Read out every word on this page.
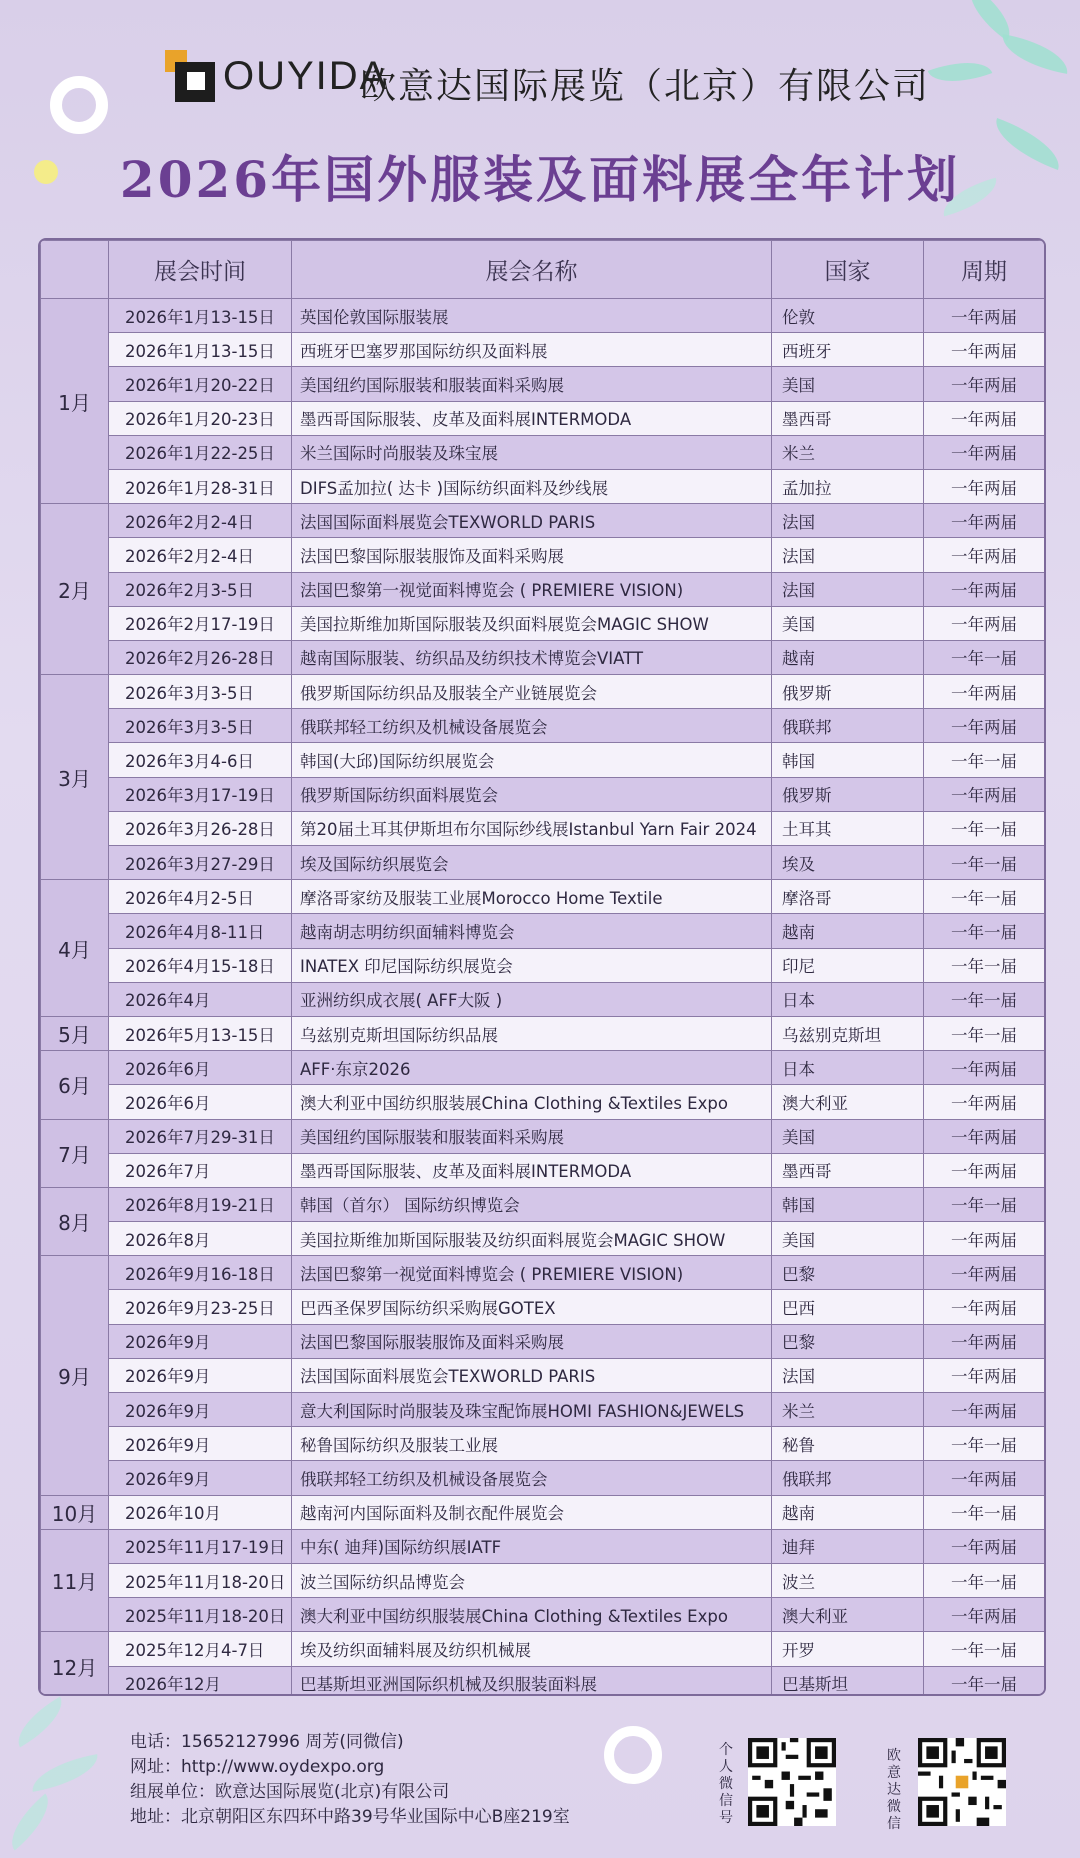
OUYIDA
欧意达国际展览（北京）有限公司
2026年国外服装及面料展全年计划
	展会时间	展会名称	国家	周期
1月	2026年1月13-15日	英国伦敦国际服装展	伦敦	一年两届
	2026年1月13-15日	西班牙巴塞罗那国际纺织及面料展	西班牙	一年两届
	2026年1月20-22日	美国纽约国际服装和服装面料采购展	美国	一年两届
	2026年1月20-23日	墨西哥国际服装、皮革及面料展INTERMODA	墨西哥	一年两届
	2026年1月22-25日	米兰国际时尚服装及珠宝展	米兰	一年两届
	2026年1月28-31日	DIFS孟加拉( 达卡 )国际纺织面料及纱线展	孟加拉	一年两届
2月	2026年2月2-4日	法国国际面料展览会TEXWORLD PARIS	法国	一年两届
	2026年2月2-4日	法国巴黎国际服装服饰及面料采购展	法国	一年两届
	2026年2月3-5日	法国巴黎第一视觉面料博览会 ( PREMIERE VISION)	法国	一年两届
	2026年2月17-19日	美国拉斯维加斯国际服装及织面料展览会MAGIC SHOW	美国	一年两届
	2026年2月26-28日	越南国际服装、纺织品及纺织技术博览会VIATT	越南	一年一届
3月	2026年3月3-5日	俄罗斯国际纺织品及服装全产业链展览会	俄罗斯	一年两届
	2026年3月3-5日	俄联邦轻工纺织及机械设备展览会	俄联邦	一年两届
	2026年3月4-6日	韩国(大邱)国际纺织展览会	韩国	一年一届
	2026年3月17-19日	俄罗斯国际纺织面料展览会	俄罗斯	一年两届
	2026年3月26-28日	第20届土耳其伊斯坦布尔国际纱线展Istanbul Yarn Fair 2024	土耳其	一年一届
	2026年3月27-29日	埃及国际纺织展览会	埃及	一年一届
4月	2026年4月2-5日	摩洛哥家纺及服装工业展Morocco Home Textile	摩洛哥	一年一届
	2026年4月8-11日	越南胡志明纺织面辅料博览会	越南	一年一届
	2026年4月15-18日	INATEX 印尼国际纺织展览会	印尼	一年一届
	2026年4月	亚洲纺织成衣展( AFF大阪 )	日本	一年一届
5月	2026年5月13-15日	乌兹别克斯坦国际纺织品展	乌兹别克斯坦	一年一届
6月	2026年6月	AFF·东京2026	日本	一年两届
	2026年6月	澳大利亚中国纺织服装展China Clothing &Textiles Expo	澳大利亚	一年两届
7月	2026年7月29-31日	美国纽约国际服装和服装面料采购展	美国	一年两届
	2026年7月	墨西哥国际服装、皮革及面料展INTERMODA	墨西哥	一年两届
8月	2026年8月19-21日	韩国（首尔） 国际纺织博览会	韩国	一年一届
	2026年8月	美国拉斯维加斯国际服装及纺织面料展览会MAGIC SHOW	美国	一年两届
9月	2026年9月16-18日	法国巴黎第一视觉面料博览会 ( PREMIERE VISION)	巴黎	一年两届
	2026年9月23-25日	巴西圣保罗国际纺织采购展GOTEX	巴西	一年两届
	2026年9月	法国巴黎国际服装服饰及面料采购展	巴黎	一年两届
	2026年9月	法国国际面料展览会TEXWORLD PARIS	法国	一年两届
	2026年9月	意大利国际时尚服装及珠宝配饰展HOMI FASHION&JEWELS	米兰	一年两届
	2026年9月	秘鲁国际纺织及服装工业展	秘鲁	一年一届
	2026年9月	俄联邦轻工纺织及机械设备展览会	俄联邦	一年两届
10月	2026年10月	越南河内国际面料及制衣配件展览会	越南	一年一届
11月	2025年11月17-19日	中东( 迪拜)国际纺织展IATF	迪拜	一年两届
	2025年11月18-20日	波兰国际纺织品博览会	波兰	一年一届
	2025年11月18-20日	澳大利亚中国纺织服装展China Clothing &Textiles Expo	澳大利亚	一年两届
12月	2025年12月4-7日	埃及纺织面辅料展及纺织机械展	开罗	一年一届
	2026年12月	巴基斯坦亚洲国际织机械及织服装面料展	巴基斯坦	一年一届
电话：15652127996 周芳(同微信)
网址：http://www.oydexpo.org
组展单位：欧意达国际展览(北京)有限公司
地址：北京朝阳区东四环中路39号华业国际中心B座219室
个人微信号
欧意达微信
